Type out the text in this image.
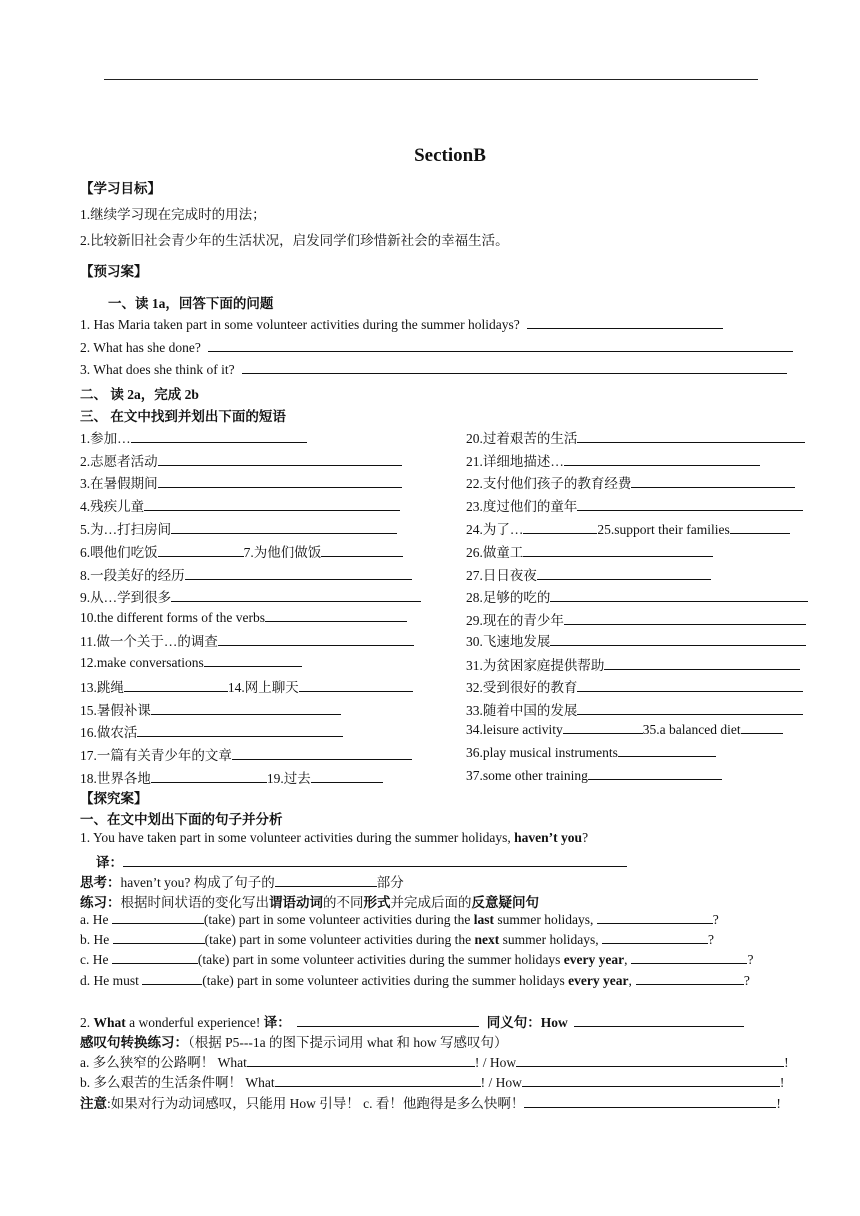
SectionB
【学习目标】
1.继续学习现在完成时的用法；
2.比较新旧社会青少年的生活状况，启发同学们珍惜新社会的幸福生活。
【预习案】
一、读 1a，回答下面的问题
1. Has Maria taken part in some volunteer activities during the summer holidays?
2. What has she done?
3. What does she think of it?
二、 读 2a，完成 2b
三、 在文中找到并划出下面的短语
1.参加…
2.志愿者活动
3.在暑假期间
4.残疾儿童
5.为…打扫房间
6.喂他们吃饭	7.为他们做饭
8.一段美好的经历
9.从…学到很多
10.the different forms of the verbs
11.做一个关于…的调查
12.make conversations
13.跳绳	14.网上聊天
15.暑假补课
16.做农活
17.一篇有关青少年的文章
18.世界各地	19.过去
20.过着艰苦的生活
21.详细地描述…
22.支付他们孩子的教育经费
23.度过他们的童年
24.为了…	25.support their families
26.做童工
27.日日夜夜
28.足够的吃的
29.现在的青少年
30.飞速地发展
31.为贫困家庭提供帮助
32.受到很好的教育
33.随着中国的发展
34.leisure activity	35.a balanced diet
36.play musical instruments
37.some other training
【探究案】
一、在文中划出下面的句子并分析
1. You have taken part in some volunteer activities during the summer holidays, haven’t you?
译：
思考：haven’t you? 构成了句子的	部分
练习：根据时间状语的变化写出谓语动词的不同形式并完成后面的反意疑问句
a. He	(take) part in some volunteer activities during the last summer holidays,	?
b. He	(take) part in some volunteer activities during the next summer holidays,	?
c. He	(take) part in some volunteer activities during the summer holidays every year,	?
d. He must	(take) part in some volunteer activities during the summer holidays every year,	?
2. What a wonderful experience! 译：	同义句：How
感叹句转换练习：（根据 P5---1a 的图下提示词用 what 和 how 写感叹句）
a. 多么狭窄的公路啊！ What	! / How	!
b. 多么艰苦的生活条件啊！ What	! / How	!
注意:如果对行为动词感叹，只能用 How 引导！ c. 看！他跑得是多么快啊！	!
